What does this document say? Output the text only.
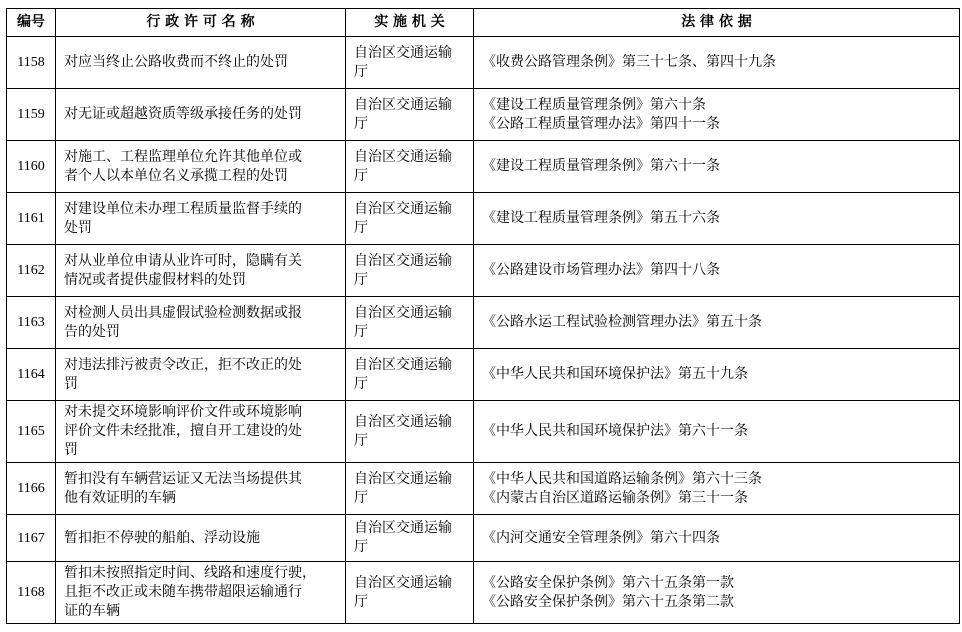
编号	行 政 许 可 名 称	实 施 机 关	法 律 依 据
1158	对应当终止公路收费而不终止的处罚	自治区交通运输
厅	《收费公路管理条例》第三十七条、第四十九条

1159	对无证或超越资质等级承接任务的处罚	自治区交通运输
厅	《建设工程质量管理条例》第六十条
《公路工程质量管理办法》第四十一条

1160	对施工、工程监理单位允许其他单位或
者个人以本单位名义承揽工程的处罚	自治区交通运输
厅	《建设工程质量管理条例》第六十一条

1161	对建设单位未办理工程质量监督手续的
处罚	自治区交通运输
厅	《建设工程质量管理条例》第五十六条

1162	对从业单位申请从业许可时，隐瞒有关
情况或者提供虚假材料的处罚	自治区交通运输
厅	《公路建设市场管理办法》第四十八条

1163	对检测人员出具虚假试验检测数据或报
告的处罚	自治区交通运输
厅	《公路水运工程试验检测管理办法》第五十条

1164	对违法排污被责令改正，拒不改正的处
罚	自治区交通运输
厅	《中华人民共和国环境保护法》第五十九条

1165	对未提交环境影响评价文件或环境影响
评价文件未经批准，擅自开工建设的处
罚	自治区交通运输
厅	《中华人民共和国环境保护法》第六十一条

1166	暂扣没有车辆营运证又无法当场提供其
他有效证明的车辆	自治区交通运输
厅	《中华人民共和国道路运输条例》第六十三条
《内蒙古自治区道路运输条例》第三十一条

1167	暂扣拒不停驶的船舶、浮动设施	自治区交通运输
厅	《内河交通安全管理条例》第六十四条

1168	暂扣未按照指定时间、线路和速度行驶，
且拒不改正或未随车携带超限运输通行
证的车辆	自治区交通运输
厅	《公路安全保护条例》第六十五条第一款
《公路安全保护条例》第六十五条第二款
